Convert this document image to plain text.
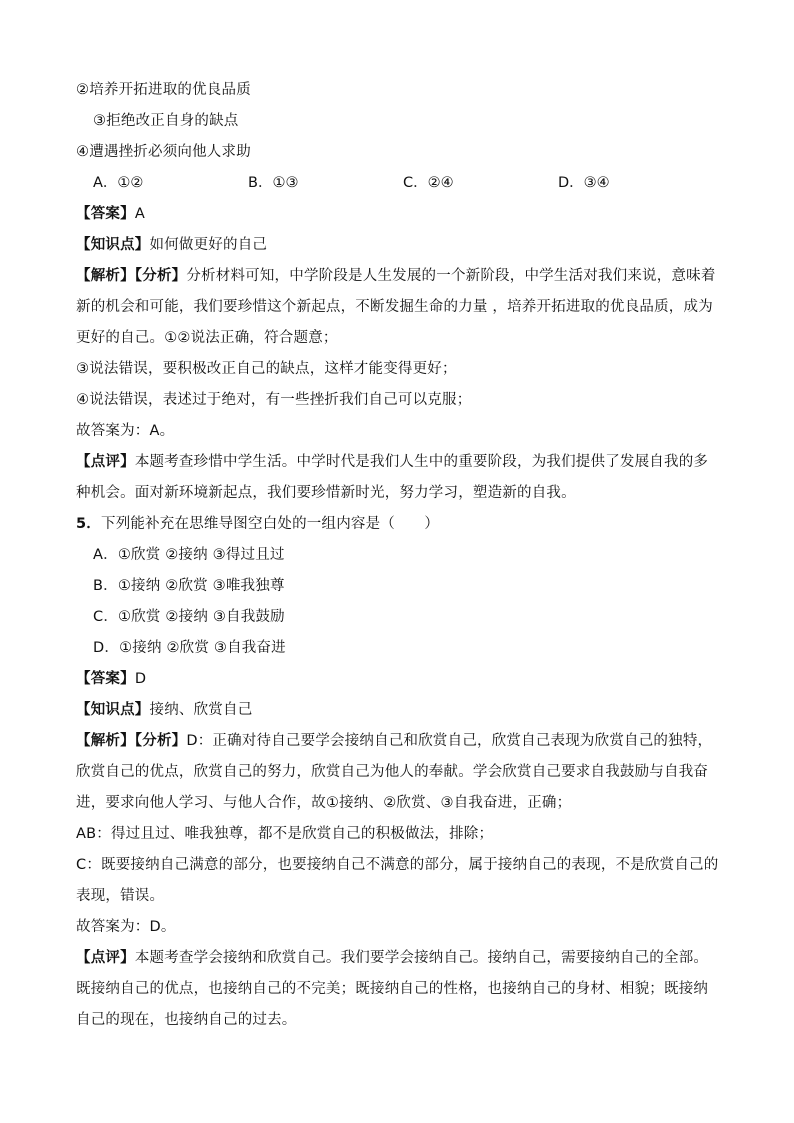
②培养开拓进取的优良品质
③拒绝改正自身的缺点
④遭遇挫折必须向他人求助
A．①②	B．①③	C．②④	D．③④
【答案】A
【知识点】如何做更好的自己
【解析】【分析】分析材料可知，中学阶段是人生发展的一个新阶段，中学生活对我们来说，意味着
新的机会和可能，我们要珍惜这个新起点，不断发掘生命的力量 ，培养开拓进取的优良品质，成为
更好的自己。①②说法正确，符合题意；
③说法错误，要积极改正自己的缺点，这样才能变得更好；
④说法错误，表述过于绝对，有一些挫折我们自己可以克服；
故答案为：A。
【点评】本题考查珍惜中学生活。中学时代是我们人生中的重要阶段，为我们提供了发展自我的多
种机会。面对新环境新起点，我们要珍惜新时光，努力学习，塑造新的自我。
5．下列能补充在思维导图空白处的一组内容是（　　）
A．①欣赏 ②接纳 ③得过且过
B．①接纳 ②欣赏 ③唯我独尊
C．①欣赏 ②接纳 ③自我鼓励
D．①接纳 ②欣赏 ③自我奋进
【答案】D
【知识点】接纳、欣赏自己
【解析】【分析】D：正确对待自己要学会接纳自己和欣赏自己，欣赏自己表现为欣赏自己的独特，
欣赏自己的优点，欣赏自己的努力，欣赏自己为他人的奉献。学会欣赏自己要求自我鼓励与自我奋
进，要求向他人学习、与他人合作，故①接纳、②欣赏、③自我奋进，正确；
AB：得过且过、唯我独尊，都不是欣赏自己的积极做法，排除；
C：既要接纳自己满意的部分，也要接纳自己不满意的部分，属于接纳自己的表现，不是欣赏自己的
表现，错误。
故答案为：D。
【点评】本题考查学会接纳和欣赏自己。我们要学会接纳自己。接纳自己，需要接纳自己的全部。
既接纳自己的优点，也接纳自己的不完美；既接纳自己的性格，也接纳自己的身材、相貌；既接纳
自己的现在，也接纳自己的过去。
